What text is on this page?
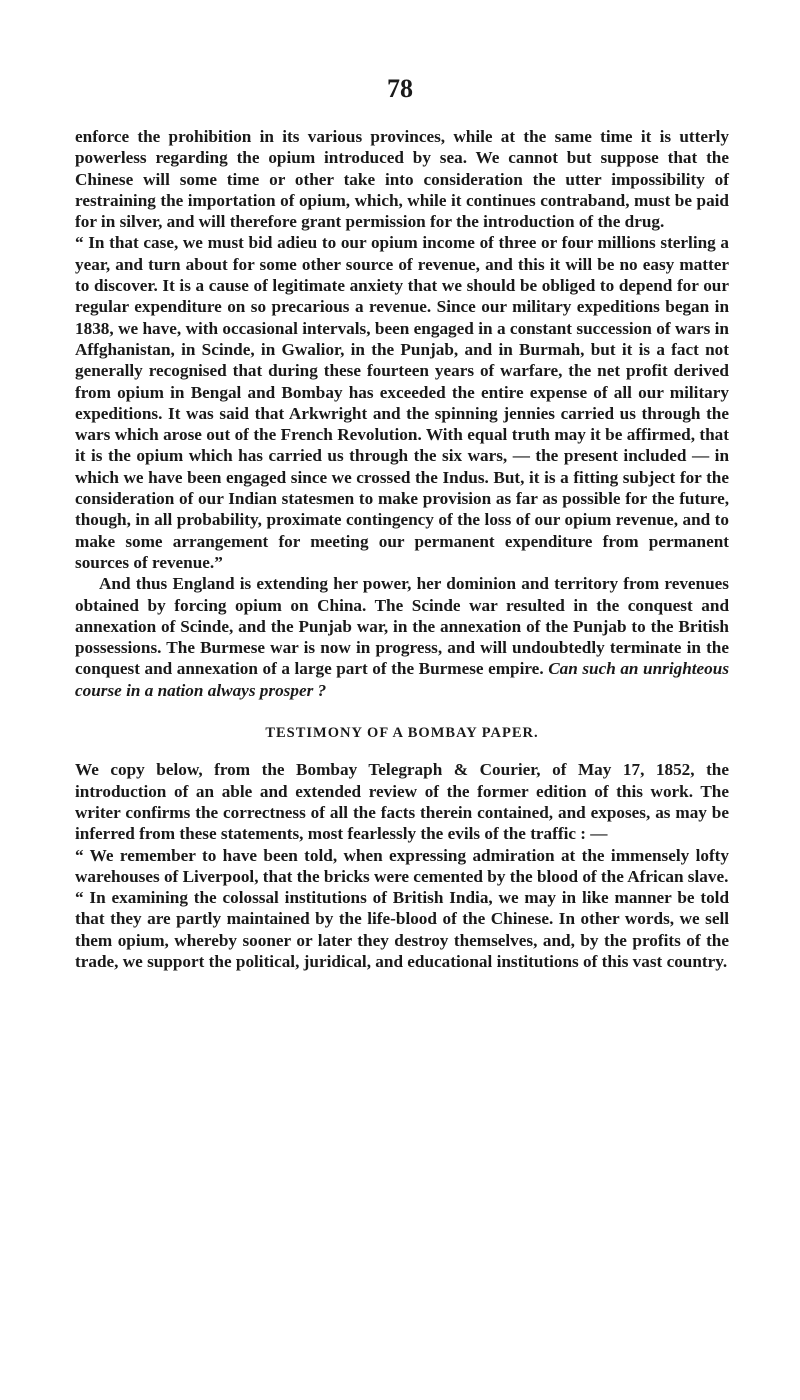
78

enforce the prohibition in its various provinces, while at the same time it is utterly powerless regarding the opium introduced by sea. We cannot but suppose that the Chinese will some time or other take into consideration the utter impossibility of restraining the importation of opium, which, while it continues contraband, must be paid for in silver, and will therefore grant permission for the introduction of the drug.

“ In that case, we must bid adieu to our opium income of three or four millions sterling a year, and turn about for some other source of revenue, and this it will be no easy matter to discover. It is a cause of legitimate anxiety that we should be obliged to depend for our regular expenditure on so precarious a revenue. Since our military expeditions began in 1838, we have, with occasional intervals, been engaged in a constant succession of wars in Affghanistan, in Scinde, in Gwalior, in the Punjab, and in Burmah, but it is a fact not generally recognised that during these fourteen years of warfare, the net profit derived from opium in Bengal and Bombay has exceeded the entire expense of all our military expeditions. It was said that Arkwright and the spinning jennies carried us through the wars which arose out of the French Revolution. With equal truth may it be affirmed, that it is the opium which has carried us through the six wars, — the present included — in which we have been engaged since we crossed the Indus. But, it is a fitting subject for the consideration of our Indian statesmen to make provision as far as possible for the future, though, in all probability, proximate contingency of the loss of our opium revenue, and to make some arrangement for meeting our permanent expenditure from permanent sources of revenue.”

And thus England is extending her power, her dominion and territory from revenues obtained by forcing opium on China. The Scinde war resulted in the conquest and annexation of Scinde, and the Punjab war, in the annexation of the Punjab to the British possessions. The Burmese war is now in progress, and will undoubtedly terminate in the conquest and annexation of a large part of the Burmese empire. Can such an unrighteous course in a nation always prosper ?

TESTIMONY OF A BOMBAY PAPER.

We copy below, from the Bombay Telegraph & Courier, of May 17, 1852, the introduction of an able and extended review of the former edition of this work. The writer confirms the correctness of all the facts therein contained, and exposes, as may be inferred from these statements, most fearlessly the evils of the traffic : —

“ We remember to have been told, when expressing admiration at the immensely lofty warehouses of Liverpool, that the bricks were cemented by the blood of the African slave.

“ In examining the colossal institutions of British India, we may in like manner be told that they are partly maintained by the life-blood of the Chinese. In other words, we sell them opium, whereby sooner or later they destroy themselves, and, by the profits of the trade, we support the political, juridical, and educational institutions of this vast country.
